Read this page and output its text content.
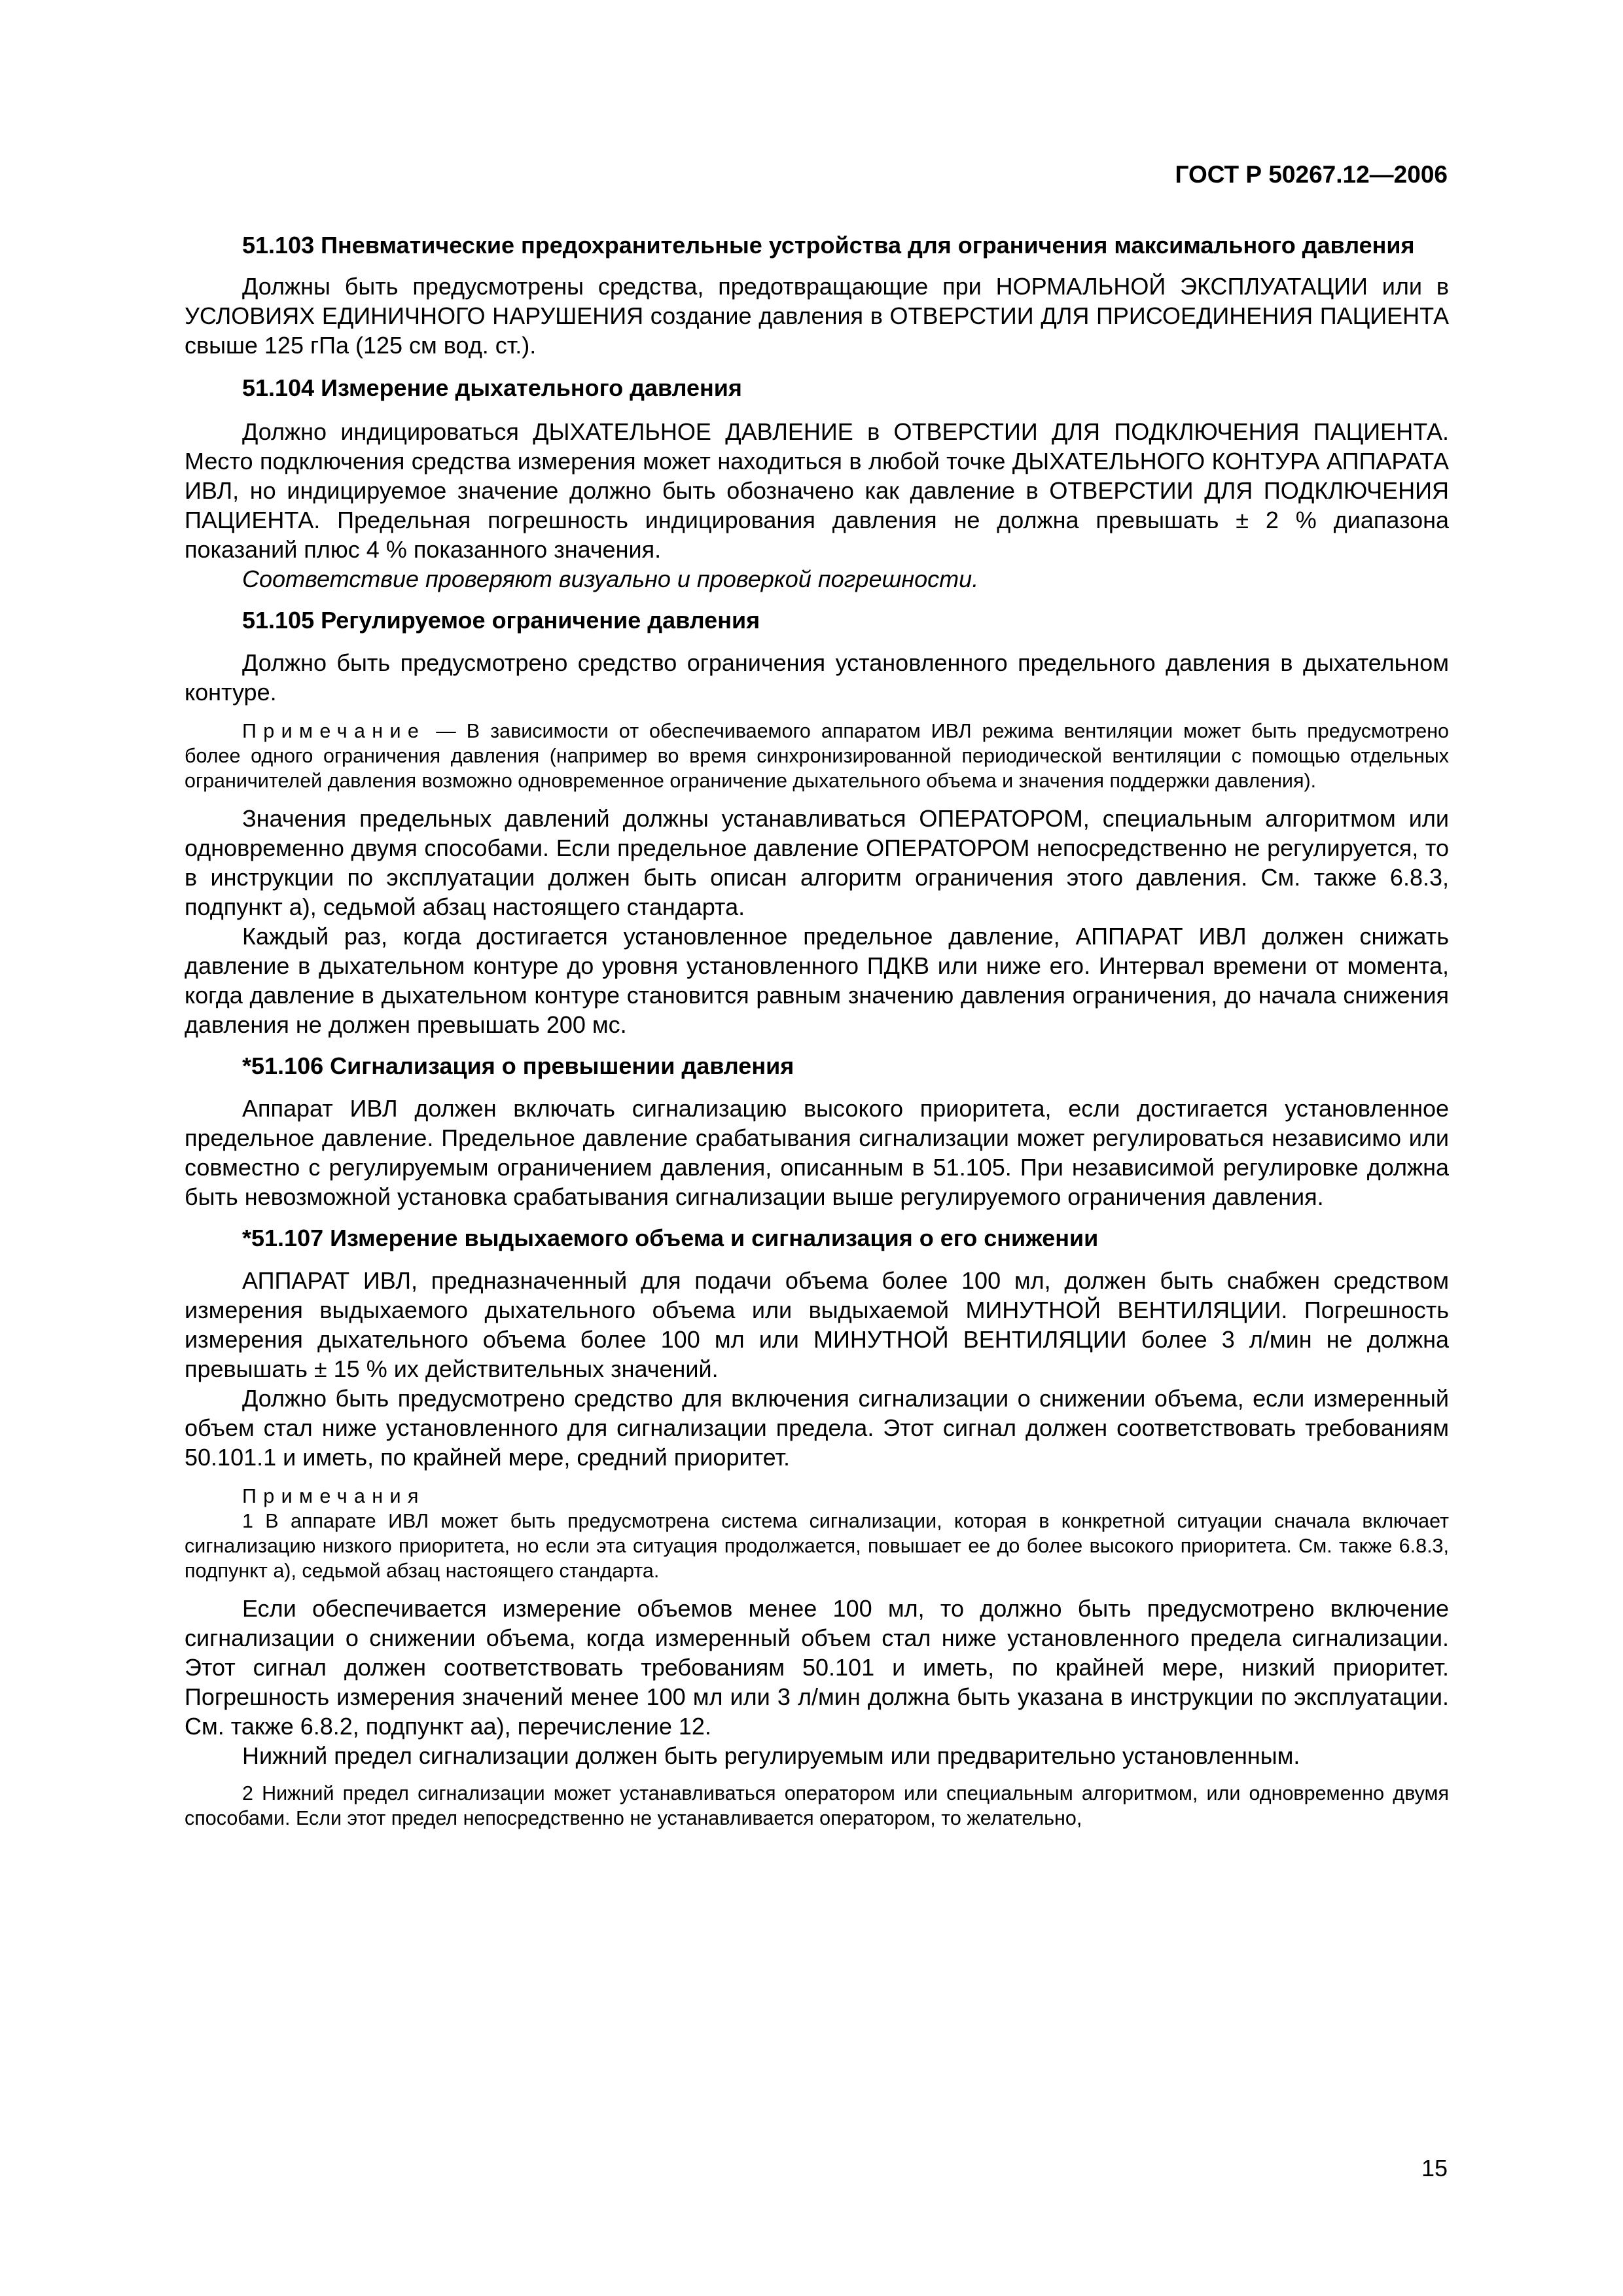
ГОСТ Р 50267.12—2006

51.103 Пневматические предохранительные устройства для ограничения максимального давления

Должны быть предусмотрены средства, предотвращающие при НОРМАЛЬНОЙ ЭКСПЛУАТАЦИИ или в УСЛОВИЯХ ЕДИНИЧНОГО НАРУШЕНИЯ создание давления в ОТВЕРСТИИ ДЛЯ ПРИСОЕДИНЕНИЯ ПАЦИЕНТА свыше 125 гПа (125 см вод. ст.).

51.104 Измерение дыхательного давления

Должно индицироваться ДЫХАТЕЛЬНОЕ ДАВЛЕНИЕ в ОТВЕРСТИИ ДЛЯ ПОДКЛЮЧЕНИЯ ПАЦИЕНТА. Место подключения средства измерения может находиться в любой точке ДЫХАТЕЛЬНОГО КОНТУРА АППАРАТА ИВЛ, но индицируемое значение должно быть обозначено как давление в ОТВЕРСТИИ ДЛЯ ПОДКЛЮЧЕНИЯ ПАЦИЕНТА. Предельная погрешность индицирования давления не должна превышать ± 2 % диапазона показаний плюс 4 % показанного значения.

Соответствие проверяют визуально и проверкой погрешности.

51.105 Регулируемое ограничение давления

Должно быть предусмотрено средство ограничения установленного предельного давления в дыхательном контуре.

Примечание — В зависимости от обеспечиваемого аппаратом ИВЛ режима вентиляции может быть предусмотрено более одного ограничения давления (например во время синхронизированной периодической вентиляции с помощью отдельных ограничителей давления возможно одновременное ограничение дыхательного объема и значения поддержки давления).

Значения предельных давлений должны устанавливаться ОПЕРАТОРОМ, специальным алгоритмом или одновременно двумя способами. Если предельное давление ОПЕРАТОРОМ непосредственно не регулируется, то в инструкции по эксплуатации должен быть описан алгоритм ограничения этого давления. См. также 6.8.3, подпункт а), седьмой абзац настоящего стандарта.

Каждый раз, когда достигается установленное предельное давление, АППАРАТ ИВЛ должен снижать давление в дыхательном контуре до уровня установленного ПДКВ или ниже его. Интервал времени от момента, когда давление в дыхательном контуре становится равным значению давления ограничения, до начала снижения давления не должен превышать 200 мс.

*51.106 Сигнализация о превышении давления

Аппарат ИВЛ должен включать сигнализацию высокого приоритета, если достигается установленное предельное давление. Предельное давление срабатывания сигнализации может регулироваться независимо или совместно с регулируемым ограничением давления, описанным в 51.105. При независимой регулировке должна быть невозможной установка срабатывания сигнализации выше регулируемого ограничения давления.

*51.107 Измерение выдыхаемого объема и сигнализация о его снижении

АППАРАТ ИВЛ, предназначенный для подачи объема более 100 мл, должен быть снабжен средством измерения выдыхаемого дыхательного объема или выдыхаемой МИНУТНОЙ ВЕНТИЛЯЦИИ. Погрешность измерения дыхательного объема более 100 мл или МИНУТНОЙ ВЕНТИЛЯЦИИ более 3 л/мин не должна превышать ± 15 % их действительных значений.

Должно быть предусмотрено средство для включения сигнализации о снижении объема, если измеренный объем стал ниже установленного для сигнализации предела. Этот сигнал должен соответствовать требованиям 50.101.1 и иметь, по крайней мере, средний приоритет.

Примечания

1 В аппарате ИВЛ может быть предусмотрена система сигнализации, которая в конкретной ситуации сначала включает сигнализацию низкого приоритета, но если эта ситуация продолжается, повышает ее до более высокого приоритета. См. также 6.8.3, подпункт а), седьмой абзац настоящего стандарта.

Если обеспечивается измерение объемов менее 100 мл, то должно быть предусмотрено включение сигнализации о снижении объема, когда измеренный объем стал ниже установленного предела сигнализации. Этот сигнал должен соответствовать требованиям 50.101 и иметь, по крайней мере, низкий приоритет. Погрешность измерения значений менее 100 мл или 3 л/мин должна быть указана в инструкции по эксплуатации. См. также 6.8.2, подпункт аа), перечисление 12.

Нижний предел сигнализации должен быть регулируемым или предварительно установленным.

2 Нижний предел сигнализации может устанавливаться оператором или специальным алгоритмом, или одновременно двумя способами. Если этот предел непосредственно не устанавливается оператором, то желательно,

15
